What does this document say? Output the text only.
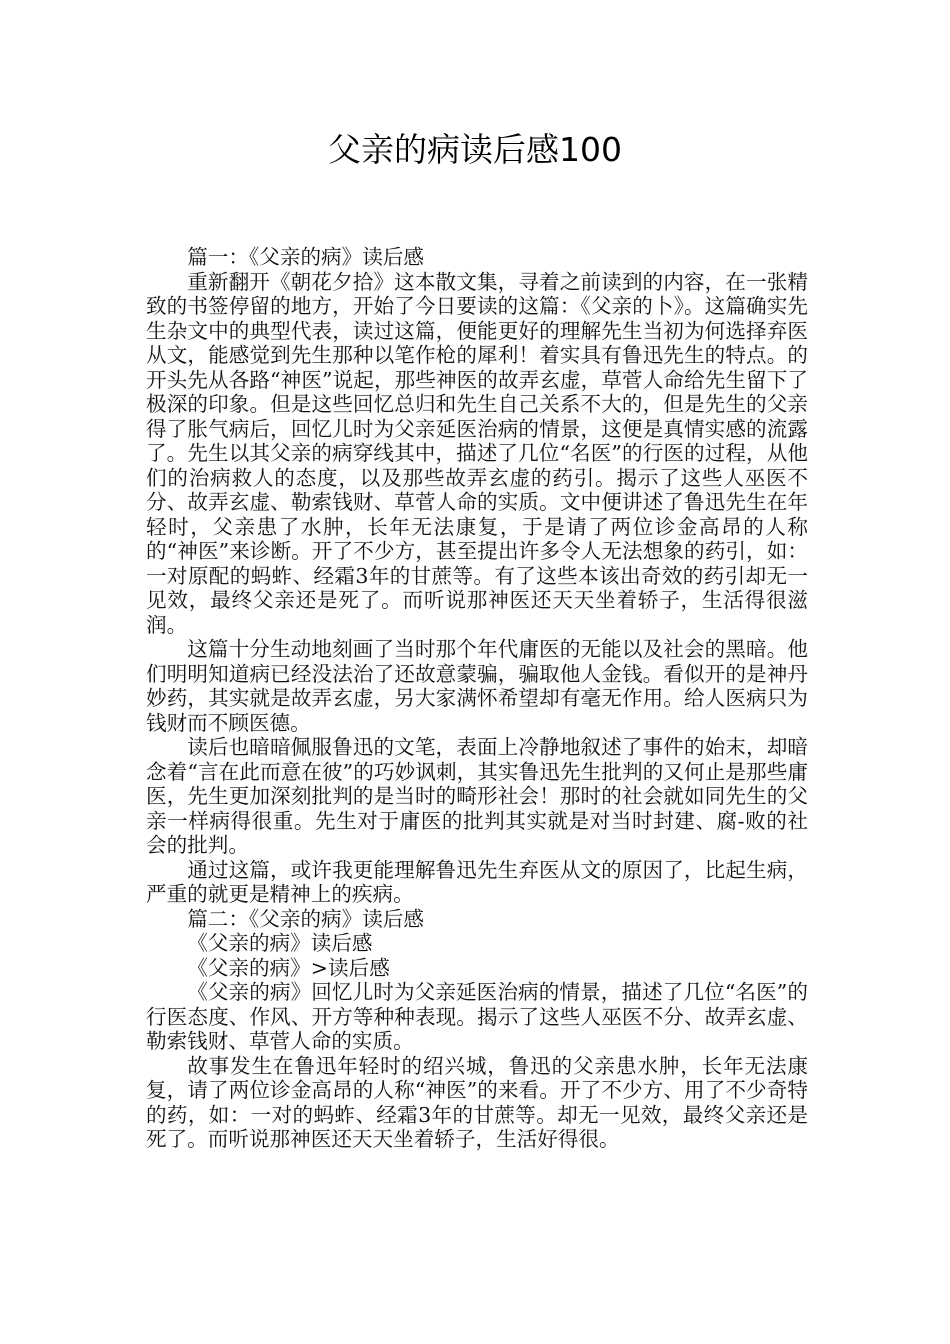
父亲的病读后感100

篇一：《父亲的病》读后感

重新翻开《朝花夕拾》这本散文集，寻着之前读到的内容，在一张精致的书签停留的地方，开始了今日要读的这篇：《父亲的卜》。这篇确实先生杂文中的典型代表，读过这篇，便能更好的理解先生当初为何选择弃医从文，能感觉到先生那种以笔作枪的犀利！着实具有鲁迅先生的特点。的开头先从各路“神医”说起，那些神医的故弄玄虚，草菅人命给先生留下了极深的印象。但是这些回忆总归和先生自己关系不大的，但是先生的父亲得了胀气病后，回忆儿时为父亲延医治病的情景，这便是真情实感的流露了。先生以其父亲的病穿线其中，描述了几位“名医”的行医的过程，从他们的治病救人的态度，以及那些故弄玄虚的药引。揭示了这些人巫医不分、故弄玄虚、勒索钱财、草菅人命的实质。文中便讲述了鲁迅先生在年轻时，父亲患了水肿，长年无法康复，于是请了两位诊金高昂的人称的“神医”来诊断。开了不少方，甚至提出许多令人无法想象的药引，如：一对原配的蚂蚱、经霜3年的甘蔗等。有了这些本该出奇效的药引却无一见效，最终父亲还是死了。而听说那神医还天天坐着轿子，生活得很滋润。

这篇十分生动地刻画了当时那个年代庸医的无能以及社会的黑暗。他们明明知道病已经没法治了还故意蒙骗，骗取他人金钱。看似开的是神丹妙药，其实就是故弄玄虚，另大家满怀希望却有毫无作用。给人医病只为钱财而不顾医德。

读后也暗暗佩服鲁迅的文笔，表面上冷静地叙述了事件的始末，却暗念着“言在此而意在彼”的巧妙讽刺，其实鲁迅先生批判的又何止是那些庸医，先生更加深刻批判的是当时的畸形社会！那时的社会就如同先生的父亲一样病得很重。先生对于庸医的批判其实就是对当时封建、腐-败的社会的批判。

通过这篇，或许我更能理解鲁迅先生弃医从文的原因了，比起生病，严重的就更是精神上的疾病。

篇二：《父亲的病》读后感

《父亲的病》读后感

《父亲的病》>读后感

《父亲的病》回忆儿时为父亲延医治病的情景，描述了几位“名医”的行医态度、作风、开方等种种表现。揭示了这些人巫医不分、故弄玄虚、勒索钱财、草菅人命的实质。

故事发生在鲁迅年轻时的绍兴城，鲁迅的父亲患水肿，长年无法康复，请了两位诊金高昂的人称“神医”的来看。开了不少方、用了不少奇特的药，如：一对的蚂蚱、经霜3年的甘蔗等。却无一见效，最终父亲还是死了。而听说那神医还天天坐着轿子，生活好得很。
